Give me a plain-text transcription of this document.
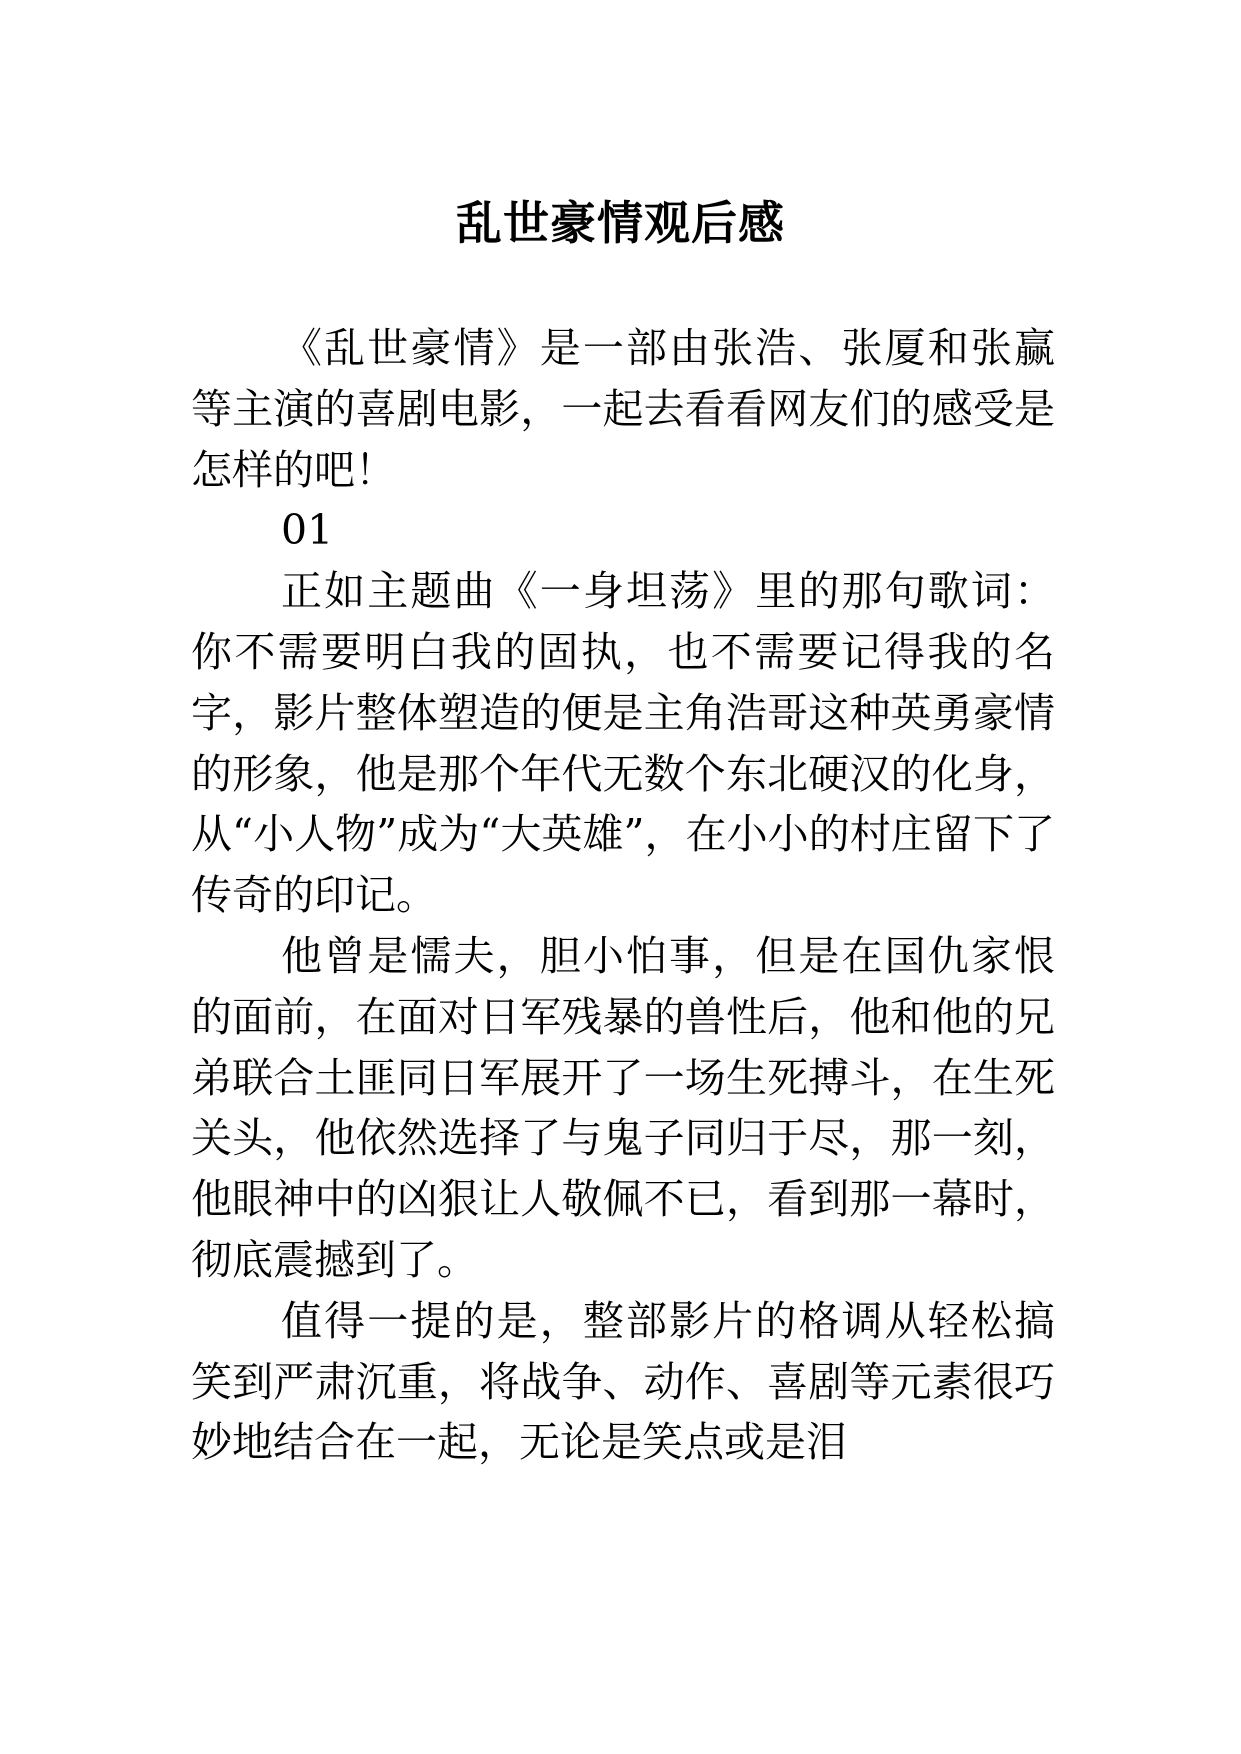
乱世豪情观后感

《乱世豪情》是一部由张浩、张厦和张赢等主演的喜剧电影，一起去看看网友们的感受是怎样的吧！

01

正如主题曲《一身坦荡》里的那句歌词：你不需要明白我的固执，也不需要记得我的名字，影片整体塑造的便是主角浩哥这种英勇豪情的形象，他是那个年代无数个东北硬汉的化身，从“小人物”成为“大英雄”，在小小的村庄留下了传奇的印记。

他曾是懦夫，胆小怕事，但是在国仇家恨的面前，在面对日军残暴的兽性后，他和他的兄弟联合土匪同日军展开了一场生死搏斗，在生死关头，他依然选择了与鬼子同归于尽，那一刻，他眼神中的凶狠让人敬佩不已，看到那一幕时，彻底震撼到了。

值得一提的是，整部影片的格调从轻松搞笑到严肃沉重，将战争、动作、喜剧等元素很巧妙地结合在一起，无论是笑点或是泪
